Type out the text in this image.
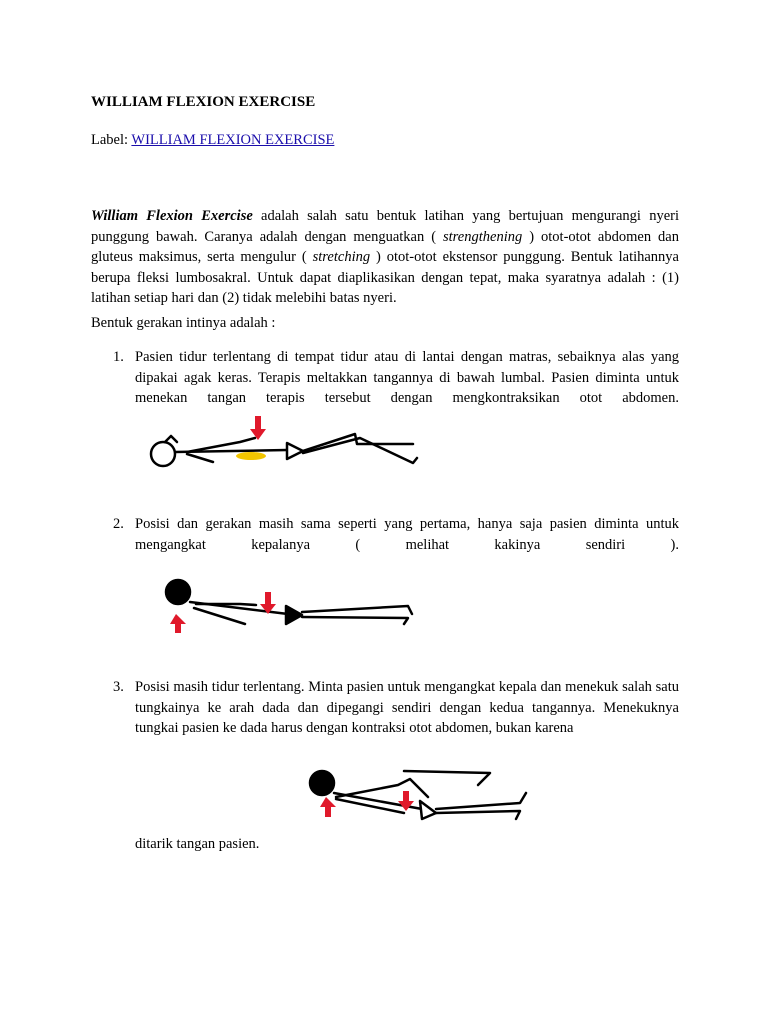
WILLIAM FLEXION EXERCISE
Label: WILLIAM FLEXION EXERCISE

William Flexion Exercise adalah salah satu bentuk latihan yang bertujuan mengurangi nyeri punggung bawah. Caranya adalah dengan menguatkan ( strengthening ) otot-otot abdomen dan gluteus maksimus, serta mengulur ( stretching ) otot-otot ekstensor punggung. Bentuk latihannya berupa fleksi lumbosakral. Untuk dapat diaplikasikan dengan tepat, maka syaratnya adalah : (1) latihan setiap hari dan (2) tidak melebihi batas nyeri.

Bentuk gerakan intinya adalah :
1. Pasien tidur terlentang di tempat tidur atau di lantai dengan matras, sebaiknya alas yang dipakai agak keras. Terapis meltakkan tangannya di bawah lumbal. Pasien diminta untuk menekan tangan terapis tersebut dengan mengkontraksikan otot abdomen.
2. Posisi dan gerakan masih sama seperti yang pertama, hanya saja pasien diminta untuk mengangkat kepalanya ( melihat kakinya sendiri ).
3. Posisi masih tidur terlentang. Minta pasien untuk mengangkat kepala dan menekuk salah satu tungkainya ke arah dada dan dipegangi sendiri dengan kedua tangannya. Menekuknya tungkai pasien ke dada harus dengan kontraksi otot abdomen, bukan karena
ditarik tangan pasien.
